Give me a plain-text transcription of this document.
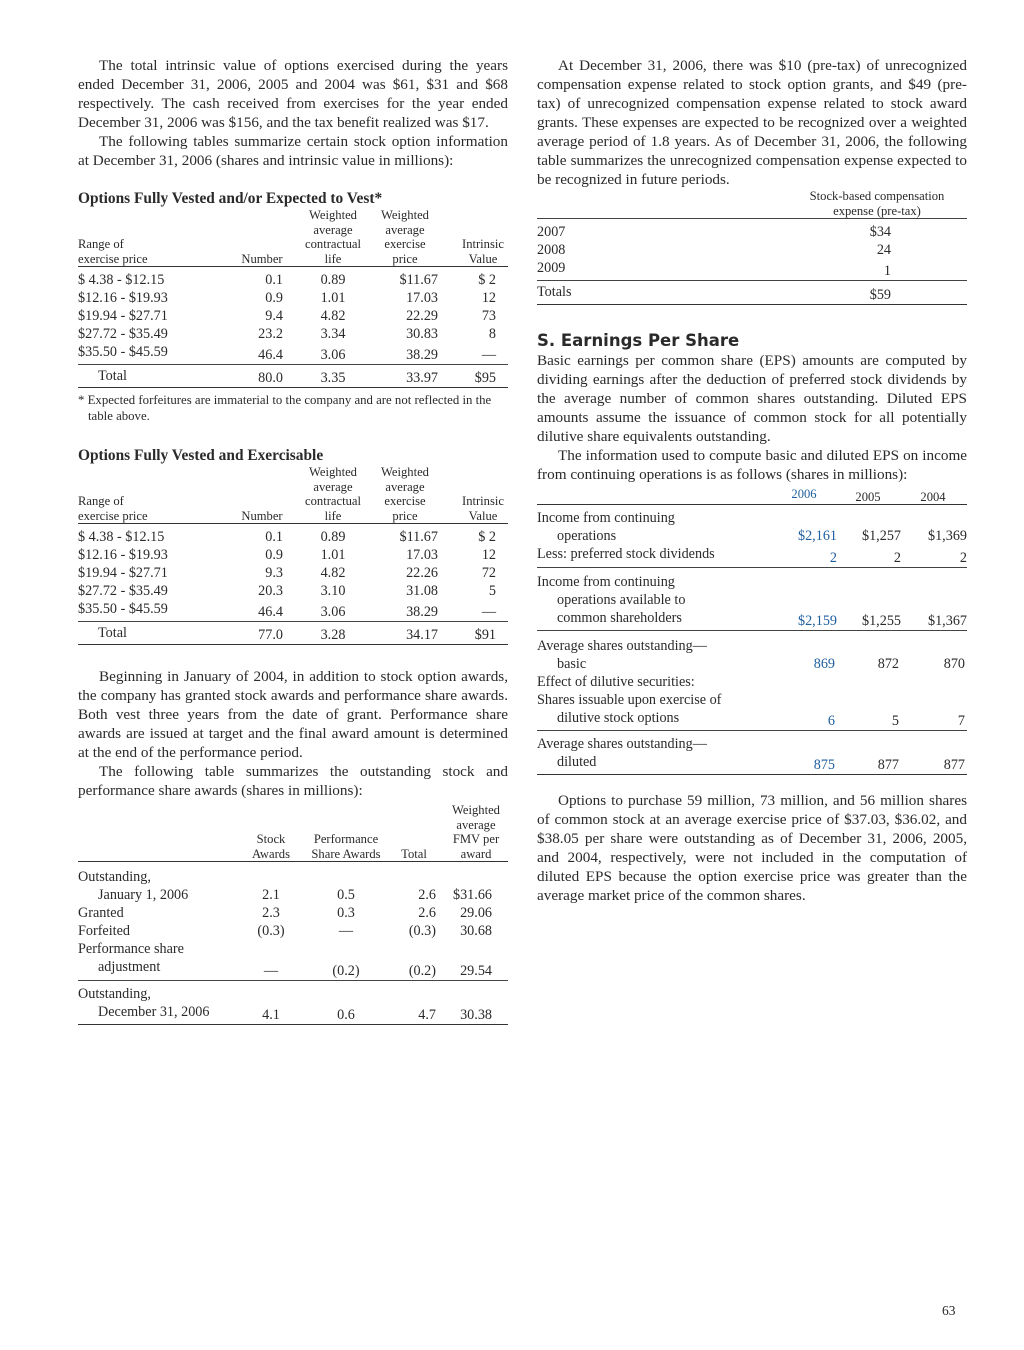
The total intrinsic value of options exercised during the years ended December 31, 2006, 2005 and 2004 was $61, $31 and $68 respectively. The cash received from exercises for the year ended December 31, 2006 was $156, and the tax benefit realized was $17.

The following tables summarize certain stock option information at December 31, 2006 (shares and intrinsic value in millions):

Options Fully Vested and/or Expected to Vest*

Range of exercise price	Number	Weighted average contractual life	Weighted average exercise price	Intrinsic Value

$ 4.38 - $12.15	0.1	0.89	$11.67	$ 2
$12.16 - $19.93	0.9	1.01	17.03	12
$19.94 - $27.71	9.4	4.82	22.29	73
$27.72 - $35.49	23.2	3.34	30.83	8
$35.50 - $45.59	46.4	3.06	38.29	—
Total	80.0	3.35	33.97	$95
* Expected forfeitures are immaterial to the company and are not reflected in the table above.

Options Fully Vested and Exercisable

Range of exercise price	Number	Weighted average contractual life	Weighted average exercise price	Intrinsic Value

$ 4.38 - $12.15	0.1	0.89	$11.67	$ 2
$12.16 - $19.93	0.9	1.01	17.03	12
$19.94 - $27.71	9.3	4.82	22.26	72
$27.72 - $35.49	20.3	3.10	31.08	5
$35.50 - $45.59	46.4	3.06	38.29	—
Total	77.0	3.28	34.17	$91

Beginning in January of 2004, in addition to stock option awards, the company has granted stock awards and performance share awards. Both vest three years from the date of grant. Performance share awards are issued at target and the final award amount is determined at the end of the performance period.

The following table summarizes the outstanding stock and performance share awards (shares in millions):

	Stock Awards	Performance Share Awards	Total	Weighted average FMV per award

Outstanding,				
January 1, 2006	2.1	0.5	2.6	$31.66
Granted	2.3	0.3	2.6	29.06
Forfeited	(0.3)	—	(0.3)	30.68
Performance share				
adjustment	—	(0.2)	(0.2)	29.54
Outstanding,				
December 31, 2006	4.1	0.6	4.7	30.38

At December 31, 2006, there was $10 (pre-tax) of unrecognized compensation expense related to stock option grants, and $49 (pre-tax) of unrecognized compensation expense related to stock award grants. These expenses are expected to be recognized over a weighted average period of 1.8 years. As of December 31, 2006, the following table summarizes the unrecognized compensation expense expected to be recognized in future periods.

	Stock-based compensation expense (pre-tax)

2007	$34
2008	24
2009	1
Totals	$59

S. Earnings Per Share

Basic earnings per common share (EPS) amounts are computed by dividing earnings after the deduction of preferred stock dividends by the average number of common shares outstanding. Diluted EPS amounts assume the issuance of common stock for all potentially dilutive share equivalents outstanding.

The information used to compute basic and diluted EPS on income from continuing operations is as follows (shares in millions):

	2006	2005	2004
Income from continuing			
operations	$2,161	$1,257	$1,369
Less: preferred stock dividends	2	2	2
Income from continuing			
operations available to			
common shareholders	$2,159	$1,255	$1,367
Average shares outstanding—			
basic	869	872	870
Effect of dilutive securities:			
Shares issuable upon exercise of			
dilutive stock options	6	5	7
Average shares outstanding—			
diluted	875	877	877

Options to purchase 59 million, 73 million, and 56 million shares of common stock at an average exercise price of $37.03, $36.02, and $38.05 per share were outstanding as of December 31, 2006, 2005, and 2004, respectively, were not included in the computation of diluted EPS because the option exercise price was greater than the average market price of the common shares.

63
